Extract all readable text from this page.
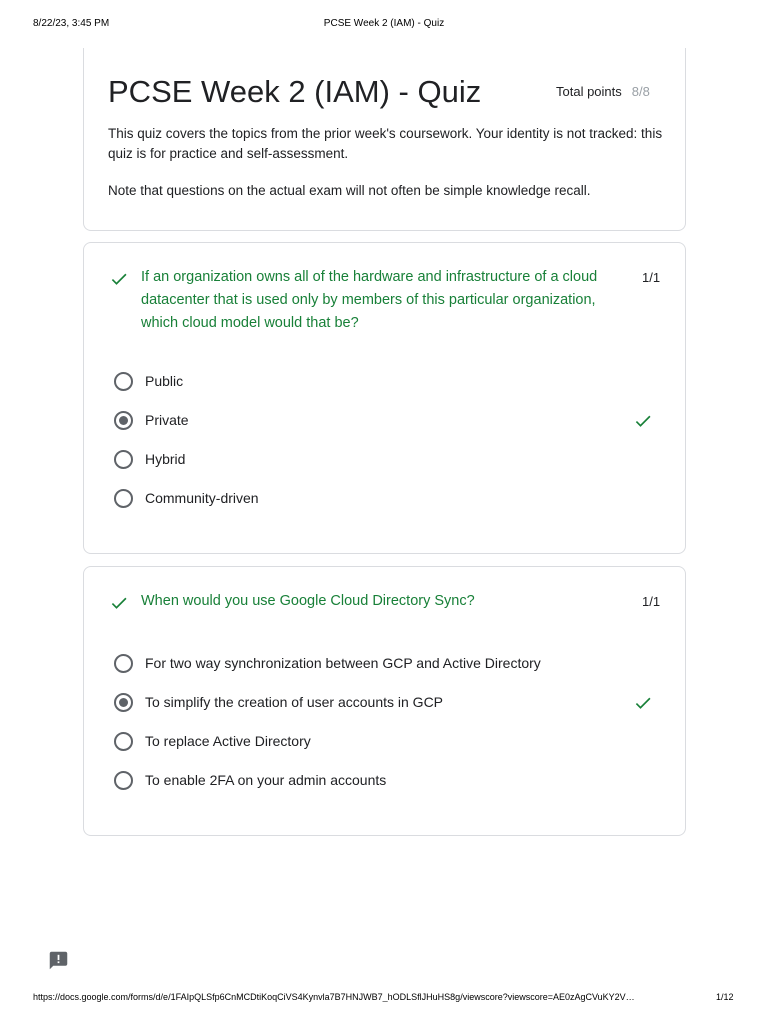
8/22/23, 3:45 PM	PCSE Week 2 (IAM) - Quiz
PCSE Week 2 (IAM) - Quiz	Total points 8/8
This quiz covers the topics from the prior week's coursework. Your identity is not tracked: this quiz is for practice and self-assessment.
Note that questions on the actual exam will not often be simple knowledge recall.
If an organization owns all of the hardware and infrastructure of a cloud datacenter that is used only by members of this particular organization, which cloud model would that be?
1/1
Public
Private
Hybrid
Community-driven
When would you use Google Cloud Directory Sync?	1/1
For two way synchronization between GCP and Active Directory
To simplify the creation of user accounts in GCP
To replace Active Directory
To enable 2FA on your admin accounts
https://docs.google.com/forms/d/e/1FAIpQLSfp6CnMCDtiKoqCiVS4Kynvla7B7HNJWB7_hODLSflJHuHS8g/viewscore?viewscore=AE0zAgCVuKY2V…	1/12
